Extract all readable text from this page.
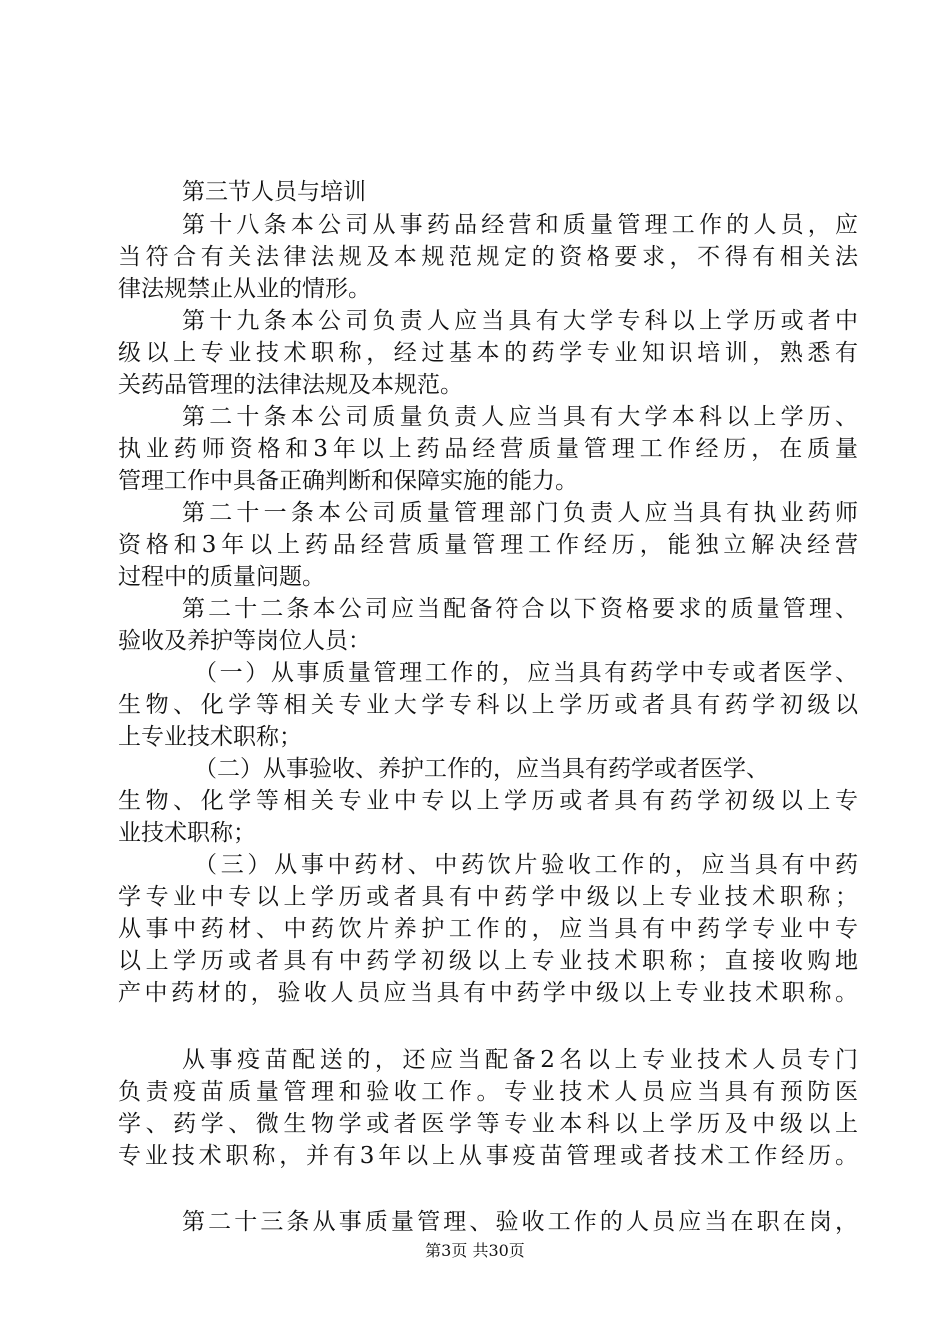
第三节人员与培训
第十八条本公司从事药品经营和质量管理工作的人员，应
当符合有关法律法规及本规范规定的资格要求，不得有相关法
律法规禁止从业的情形。
第十九条本公司负责人应当具有大学专科以上学历或者中
级以上专业技术职称，经过基本的药学专业知识培训，熟悉有
关药品管理的法律法规及本规范。
第二十条本公司质量负责人应当具有大学本科以上学历、
执业药师资格和3年以上药品经营质量管理工作经历，在质量
管理工作中具备正确判断和保障实施的能力。
第二十一条本公司质量管理部门负责人应当具有执业药师
资格和3年以上药品经营质量管理工作经历，能独立解决经营
过程中的质量问题。
第二十二条本公司应当配备符合以下资格要求的质量管理、
验收及养护等岗位人员：
（一）从事质量管理工作的，应当具有药学中专或者医学、
生物、化学等相关专业大学专科以上学历或者具有药学初级以
上专业技术职称；
（二）从事验收、养护工作的，应当具有药学或者医学、
生物、化学等相关专业中专以上学历或者具有药学初级以上专
业技术职称；
（三）从事中药材、中药饮片验收工作的，应当具有中药
学专业中专以上学历或者具有中药学中级以上专业技术职称；
从事中药材、中药饮片养护工作的，应当具有中药学专业中专
以上学历或者具有中药学初级以上专业技术职称；直接收购地
产中药材的，验收人员应当具有中药学中级以上专业技术职称。
从事疫苗配送的，还应当配备2名以上专业技术人员专门
负责疫苗质量管理和验收工作。专业技术人员应当具有预防医
学、药学、微生物学或者医学等专业本科以上学历及中级以上
专业技术职称，并有3年以上从事疫苗管理或者技术工作经历。
第二十三条从事质量管理、验收工作的人员应当在职在岗，
第3页 共30页
